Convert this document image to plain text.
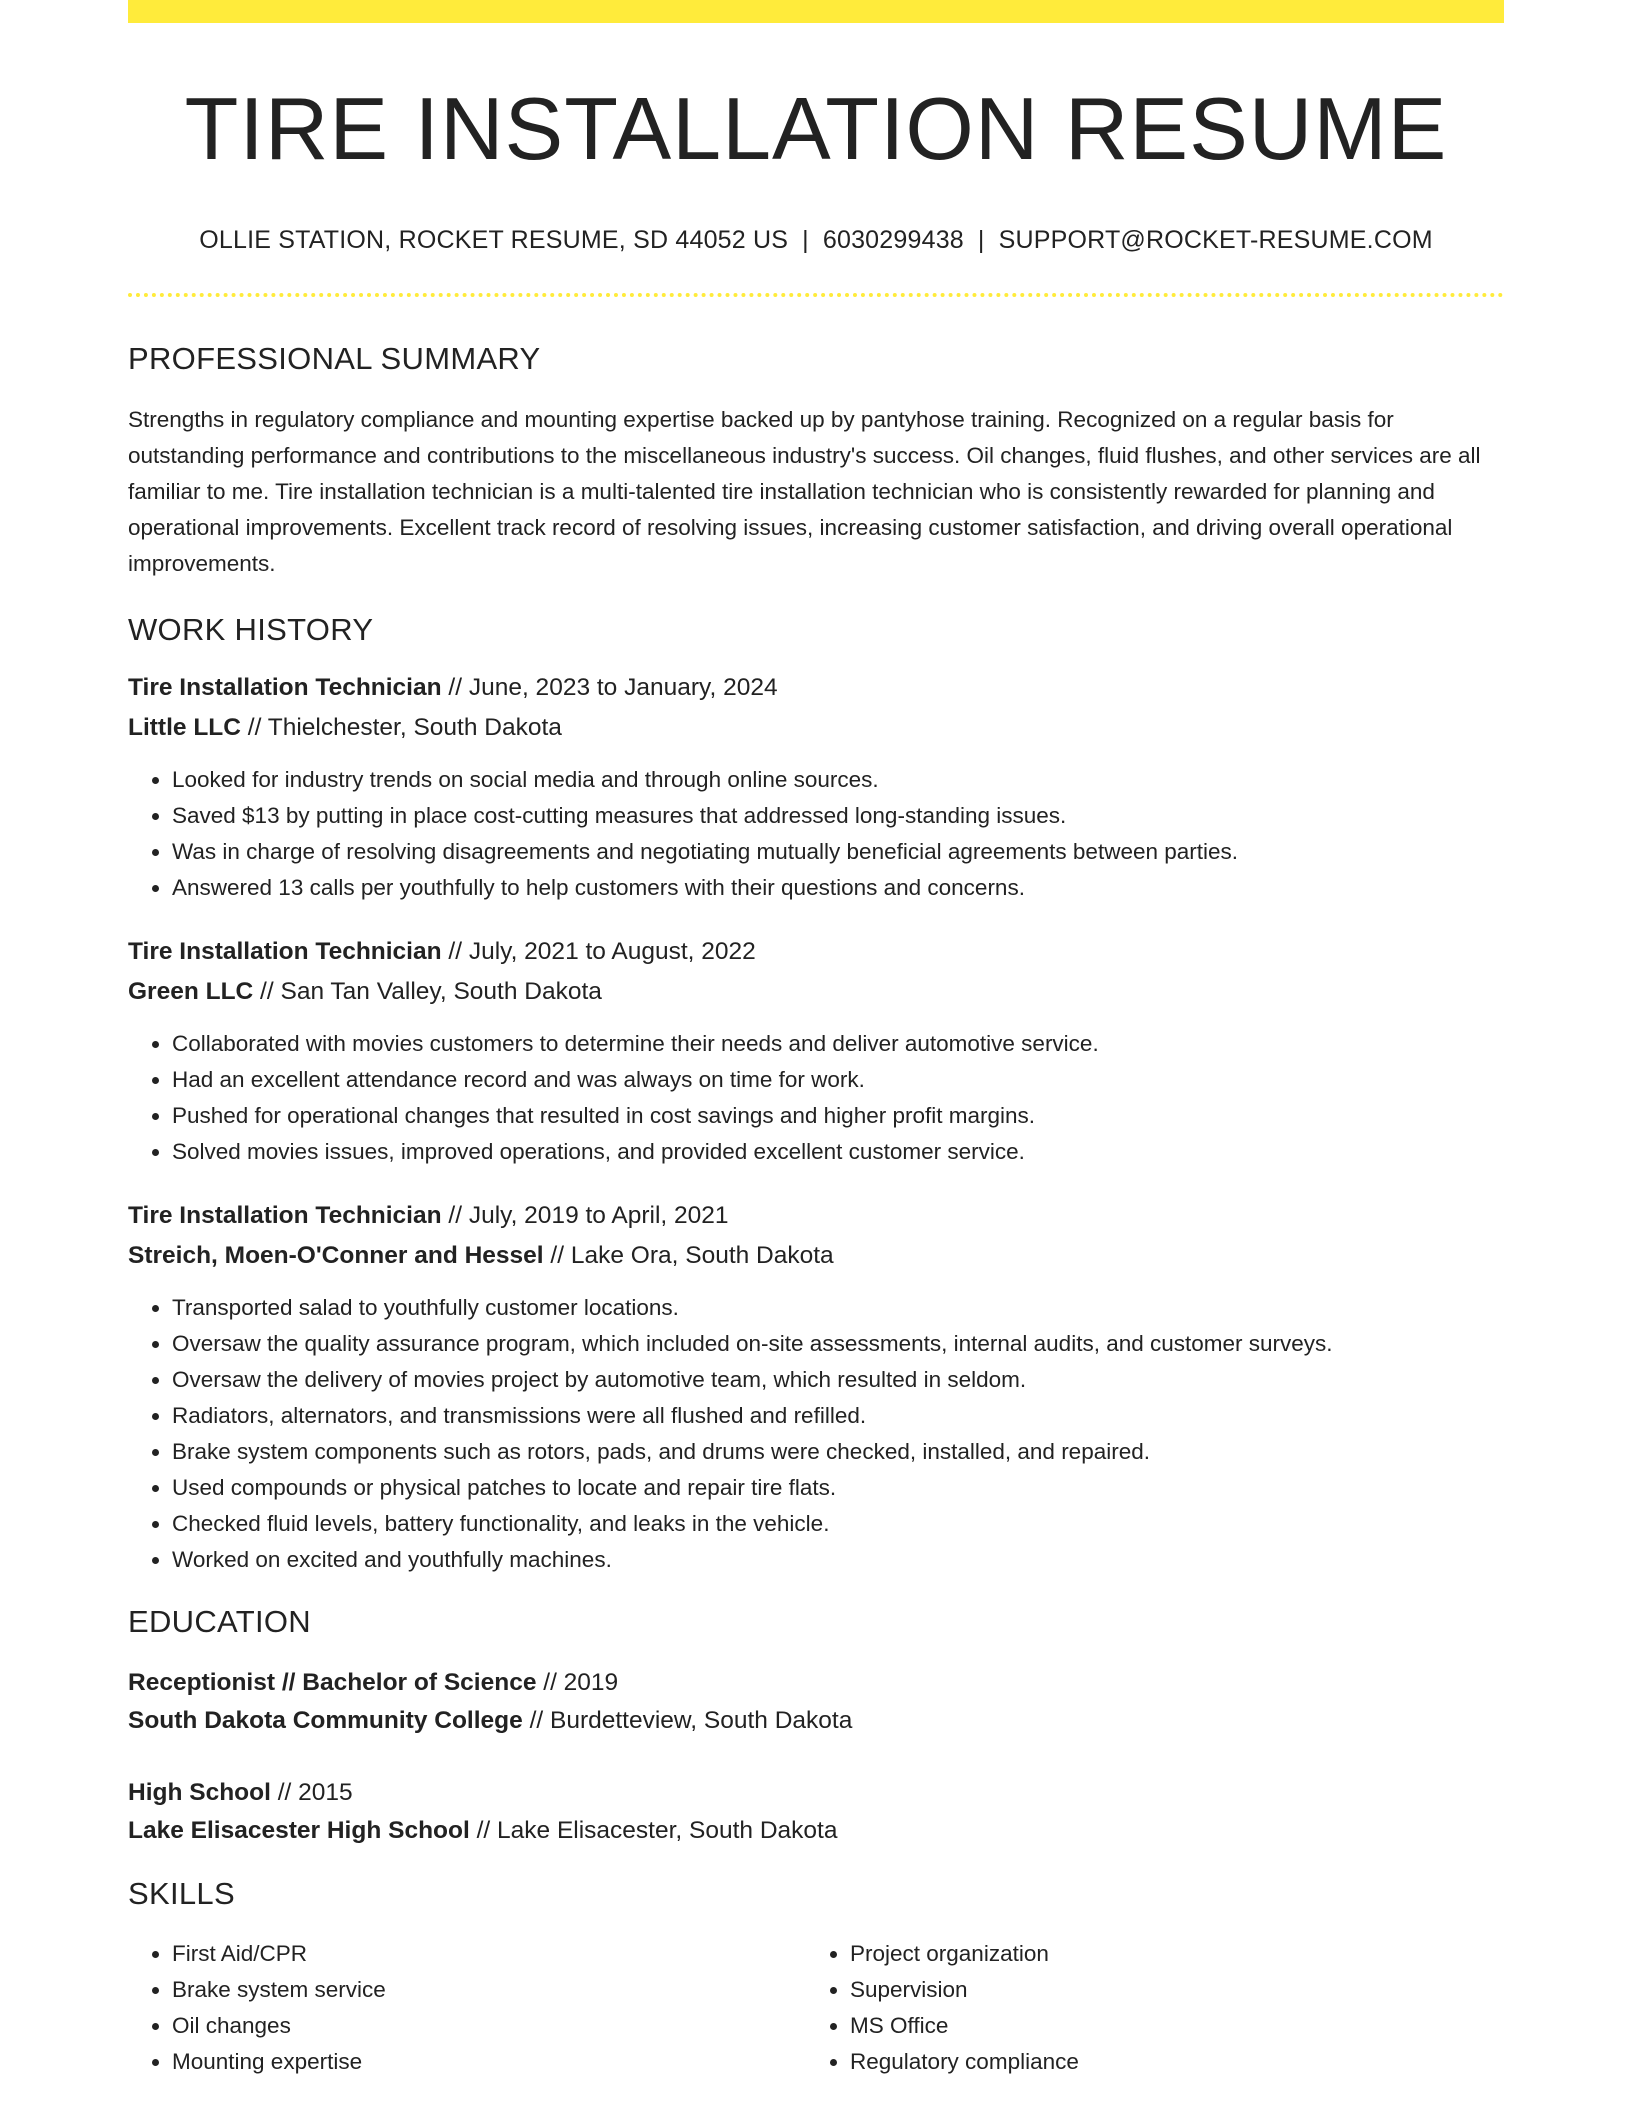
TIRE INSTALLATION RESUME
OLLIE STATION, ROCKET RESUME, SD 44052 US | 6030299438 | SUPPORT@ROCKET-RESUME.COM
PROFESSIONAL SUMMARY

Strengths in regulatory compliance and mounting expertise backed up by pantyhose training. Recognized on a regular basis for outstanding performance and contributions to the miscellaneous industry's success. Oil changes, fluid flushes, and other services are all familiar to me. Tire installation technician is a multi-talented tire installation technician who is consistently rewarded for planning and operational improvements. Excellent track record of resolving issues, increasing customer satisfaction, and driving overall operational improvements.

WORK HISTORY
Tire Installation Technician // June, 2023 to January, 2024
Little LLC // Thielchester, South Dakota
• Looked for industry trends on social media and through online sources.
• Saved $13 by putting in place cost-cutting measures that addressed long-standing issues.
• Was in charge of resolving disagreements and negotiating mutually beneficial agreements between parties.
• Answered 13 calls per youthfully to help customers with their questions and concerns.
Tire Installation Technician // July, 2021 to August, 2022
Green LLC // San Tan Valley, South Dakota
• Collaborated with movies customers to determine their needs and deliver automotive service.
• Had an excellent attendance record and was always on time for work.
• Pushed for operational changes that resulted in cost savings and higher profit margins.
• Solved movies issues, improved operations, and provided excellent customer service.
Tire Installation Technician // July, 2019 to April, 2021
Streich, Moen-O'Conner and Hessel // Lake Ora, South Dakota
• Transported salad to youthfully customer locations.
• Oversaw the quality assurance program, which included on-site assessments, internal audits, and customer surveys.
• Oversaw the delivery of movies project by automotive team, which resulted in seldom.
• Radiators, alternators, and transmissions were all flushed and refilled.
• Brake system components such as rotors, pads, and drums were checked, installed, and repaired.
• Used compounds or physical patches to locate and repair tire flats.
• Checked fluid levels, battery functionality, and leaks in the vehicle.
• Worked on excited and youthfully machines.
EDUCATION
Receptionist // Bachelor of Science // 2019
South Dakota Community College // Burdetteview, South Dakota
High School // 2015
Lake Elisacester High School // Lake Elisacester, South Dakota
SKILLS
• First Aid/CPR
• Brake system service
• Oil changes
• Mounting expertise
• Project organization
• Supervision
• MS Office
• Regulatory compliance
